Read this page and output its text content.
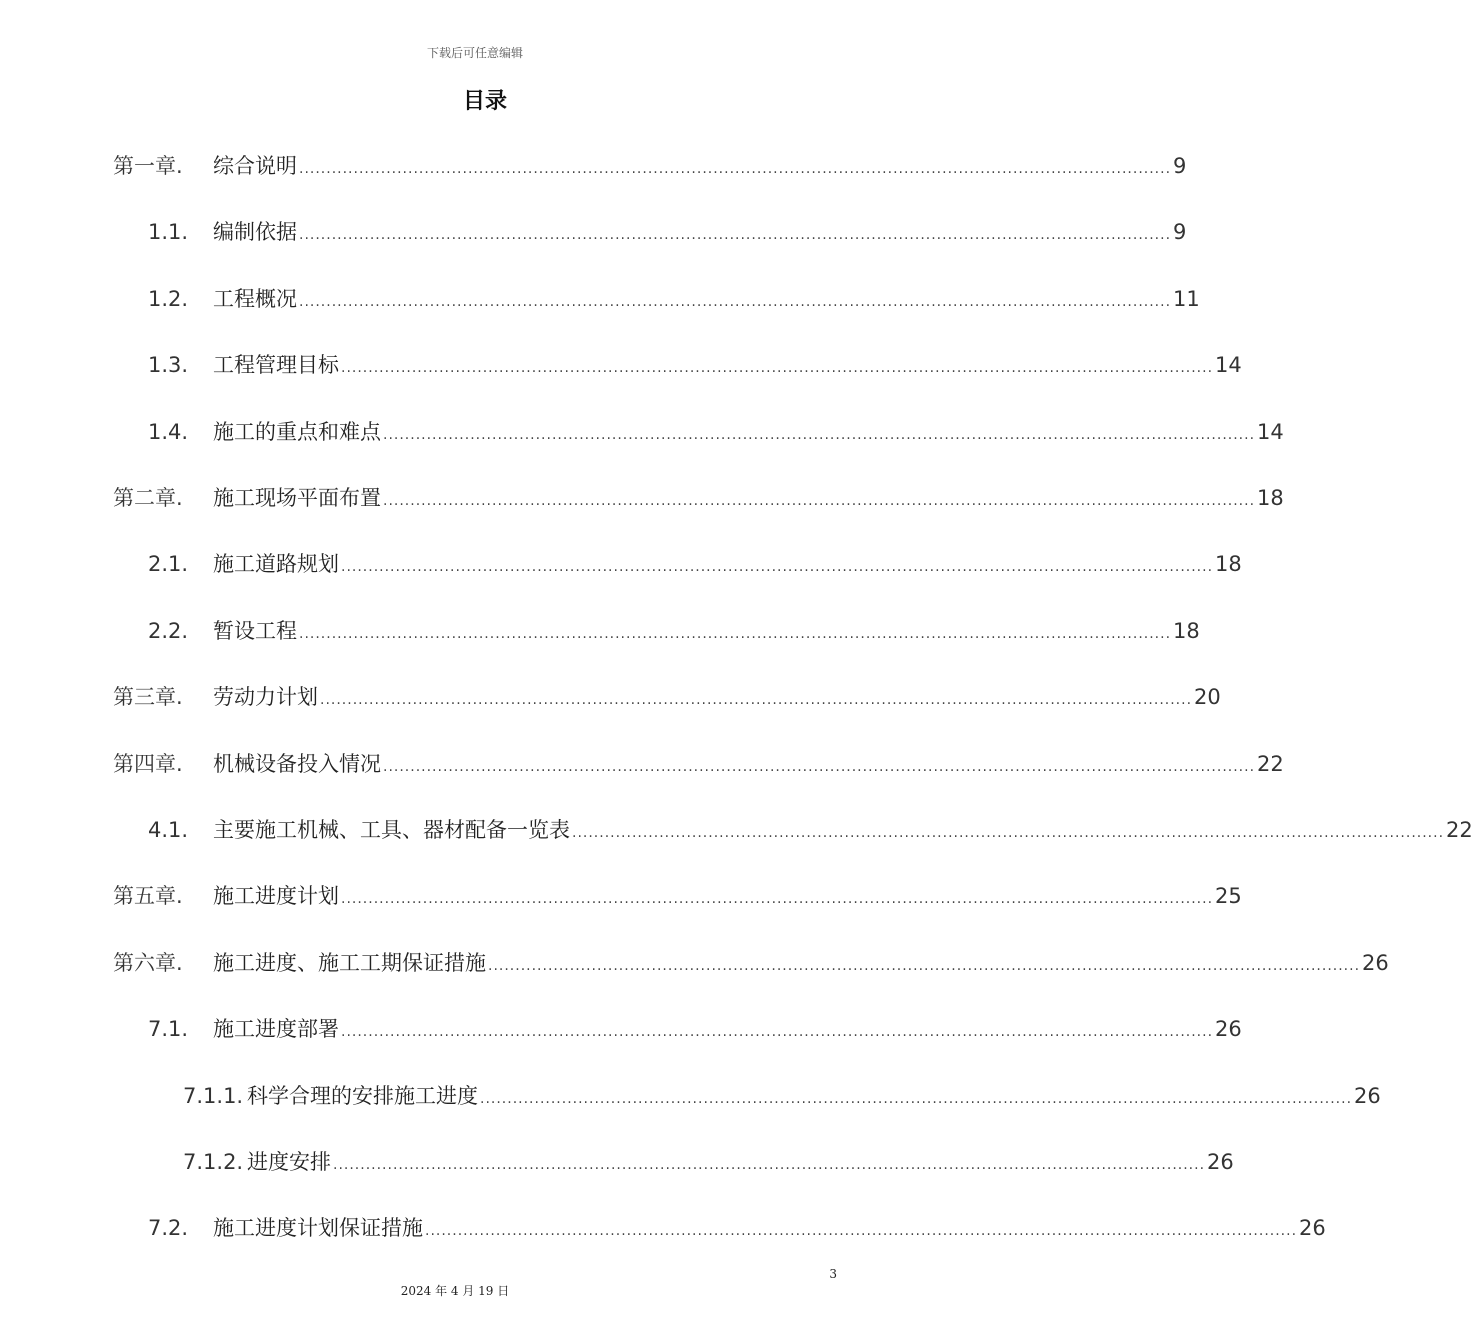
下载后可任意编辑
目录
第一章. 综合说明 ................................................................................................................................................................ 9
1.1. 编制依据 ................................................................................................................................................................ 9
1.2. 工程概况 ................................................................................................................................................................ 11
1.3. 工程管理目标 ................................................................................................................................................................ 14
1.4. 施工的重点和难点 ................................................................................................................................................................ 14
第二章. 施工现场平面布置 ................................................................................................................................................................ 18
2.1. 施工道路规划 ................................................................................................................................................................ 18
2.2. 暂设工程 ................................................................................................................................................................ 18
第三章. 劳动力计划 ................................................................................................................................................................ 20
第四章. 机械设备投入情况 ................................................................................................................................................................ 22
4.1. 主要施工机械、工具、器材配备一览表 ................................................................................................................................................................ 22
第五章. 施工进度计划 ................................................................................................................................................................ 25
第六章. 施工进度、施工工期保证措施 ................................................................................................................................................................ 26
7.1. 施工进度部署 ................................................................................................................................................................ 26
7.1.1. 科学合理的安排施工进度 ................................................................................................................................................................ 26
7.1.2. 进度安排 ................................................................................................................................................................ 26
7.2. 施工进度计划保证措施 ................................................................................................................................................................ 26
3
2024 年 4 月 19 日
